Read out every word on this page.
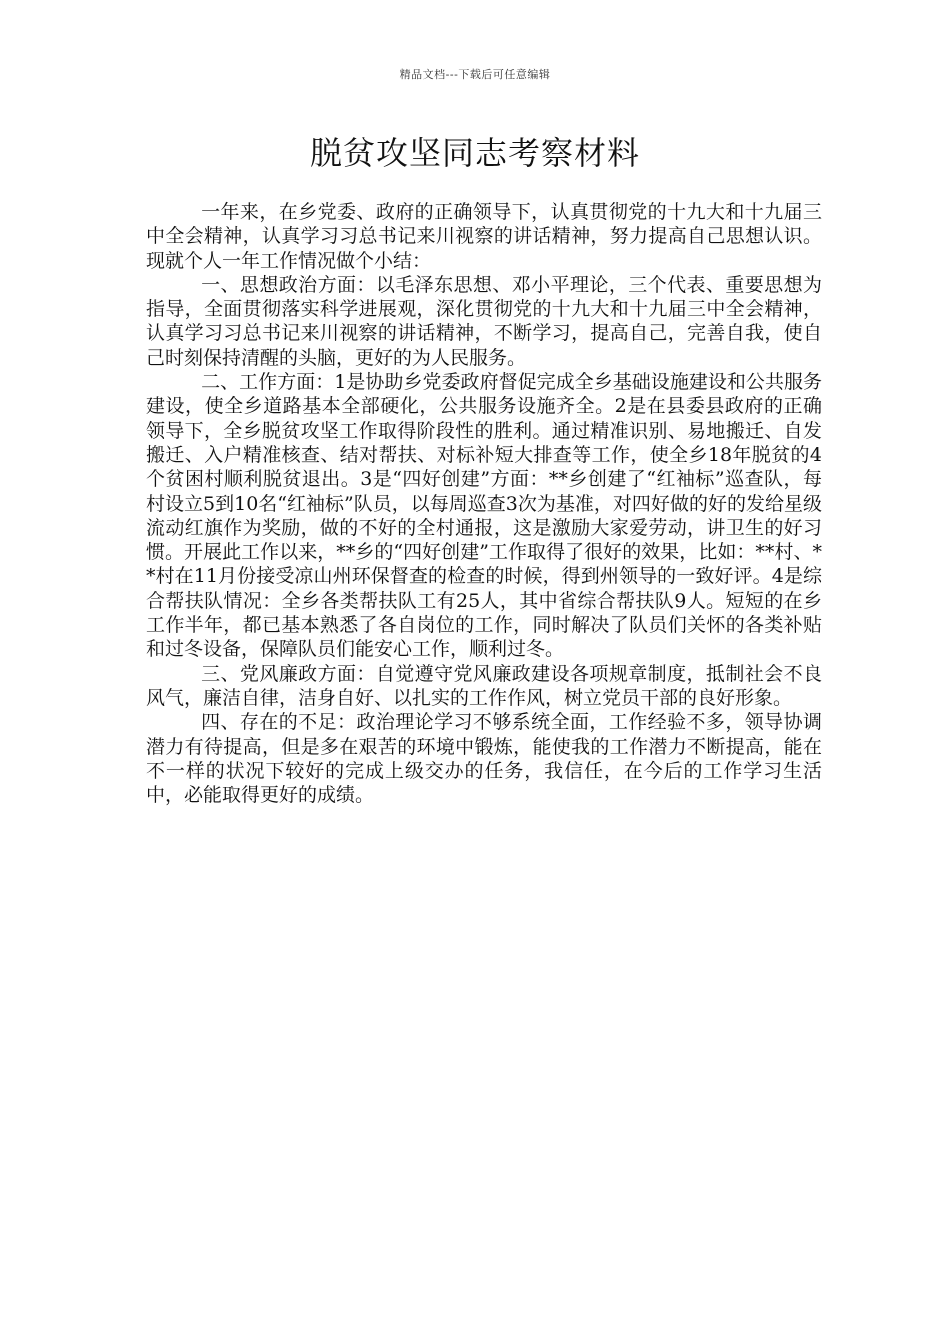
精品文档---下载后可任意编辑
脱贫攻坚同志考察材料

一年来，在乡党委、政府的正确领导下，认真贯彻党的十九大和十九届三中全会精神，认真学习习总书记来川视察的讲话精神，努力提高自己思想认识。现就个人一年工作情况做个小结：

一、思想政治方面：以毛泽东思想、邓小平理论，三个代表、重要思想为指导，全面贯彻落实科学进展观，深化贯彻党的十九大和十九届三中全会精神，认真学习习总书记来川视察的讲话精神，不断学习，提高自己，完善自我，使自己时刻保持清醒的头脑，更好的为人民服务。

二、工作方面：1是协助乡党委政府督促完成全乡基础设施建设和公共服务建设，使全乡道路基本全部硬化，公共服务设施齐全。2是在县委县政府的正确领导下，全乡脱贫攻坚工作取得阶段性的胜利。通过精准识别、易地搬迁、自发搬迁、入户精准核查、结对帮扶、对标补短大排查等工作，使全乡18年脱贫的4个贫困村顺利脱贫退出。3是“四好创建”方面：**乡创建了“红袖标”巡查队，每村设立5到10名“红袖标”队员，以每周巡查3次为基准，对四好做的好的发给星级流动红旗作为奖励，做的不好的全村通报，这是激励大家爱劳动，讲卫生的好习惯。开展此工作以来，**乡的“四好创建”工作取得了很好的效果，比如：**村、**村在11月份接受凉山州环保督查的检查的时候，得到州领导的一致好评。4是综合帮扶队情况：全乡各类帮扶队工有25人，其中省综合帮扶队9人。短短的在乡工作半年，都已基本熟悉了各自岗位的工作，同时解决了队员们关怀的各类补贴和过冬设备，保障队员们能安心工作，顺利过冬。

三、党风廉政方面：自觉遵守党风廉政建设各项规章制度，抵制社会不良风气，廉洁自律，洁身自好、以扎实的工作作风，树立党员干部的良好形象。

四、存在的不足：政治理论学习不够系统全面，工作经验不多，领导协调潜力有待提高，但是多在艰苦的环境中锻炼，能使我的工作潜力不断提高，能在不一样的状况下较好的完成上级交办的任务，我信任，在今后的工作学习生活中，必能取得更好的成绩。
